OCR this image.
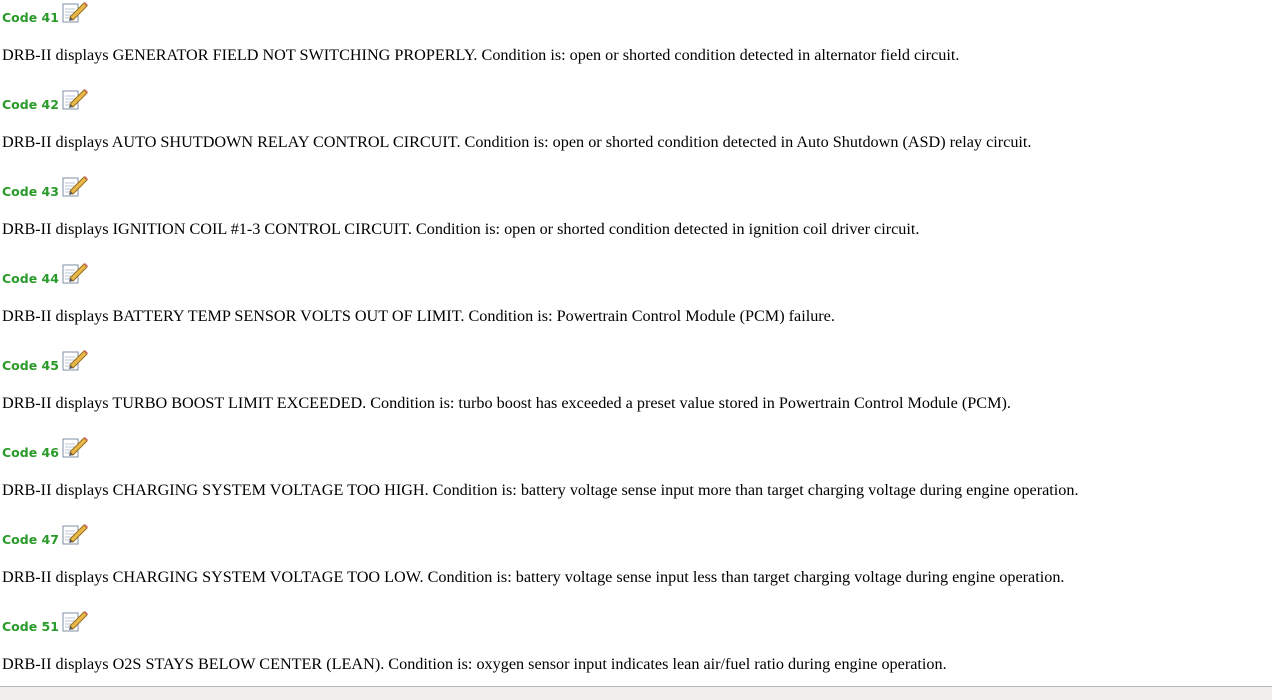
Code 41
DRB-II displays GENERATOR FIELD NOT SWITCHING PROPERLY. Condition is: open or shorted condition detected in alternator field circuit.
Code 42
DRB-II displays AUTO SHUTDOWN RELAY CONTROL CIRCUIT. Condition is: open or shorted condition detected in Auto Shutdown (ASD) relay circuit.
Code 43
DRB-II displays IGNITION COIL #1-3 CONTROL CIRCUIT. Condition is: open or shorted condition detected in ignition coil driver circuit.
Code 44
DRB-II displays BATTERY TEMP SENSOR VOLTS OUT OF LIMIT. Condition is: Powertrain Control Module (PCM) failure.
Code 45
DRB-II displays TURBO BOOST LIMIT EXCEEDED. Condition is: turbo boost has exceeded a preset value stored in Powertrain Control Module (PCM).
Code 46
DRB-II displays CHARGING SYSTEM VOLTAGE TOO HIGH. Condition is: battery voltage sense input more than target charging voltage during engine operation.
Code 47
DRB-II displays CHARGING SYSTEM VOLTAGE TOO LOW. Condition is: battery voltage sense input less than target charging voltage during engine operation.
Code 51
DRB-II displays O2S STAYS BELOW CENTER (LEAN). Condition is: oxygen sensor input indicates lean air/fuel ratio during engine operation.
